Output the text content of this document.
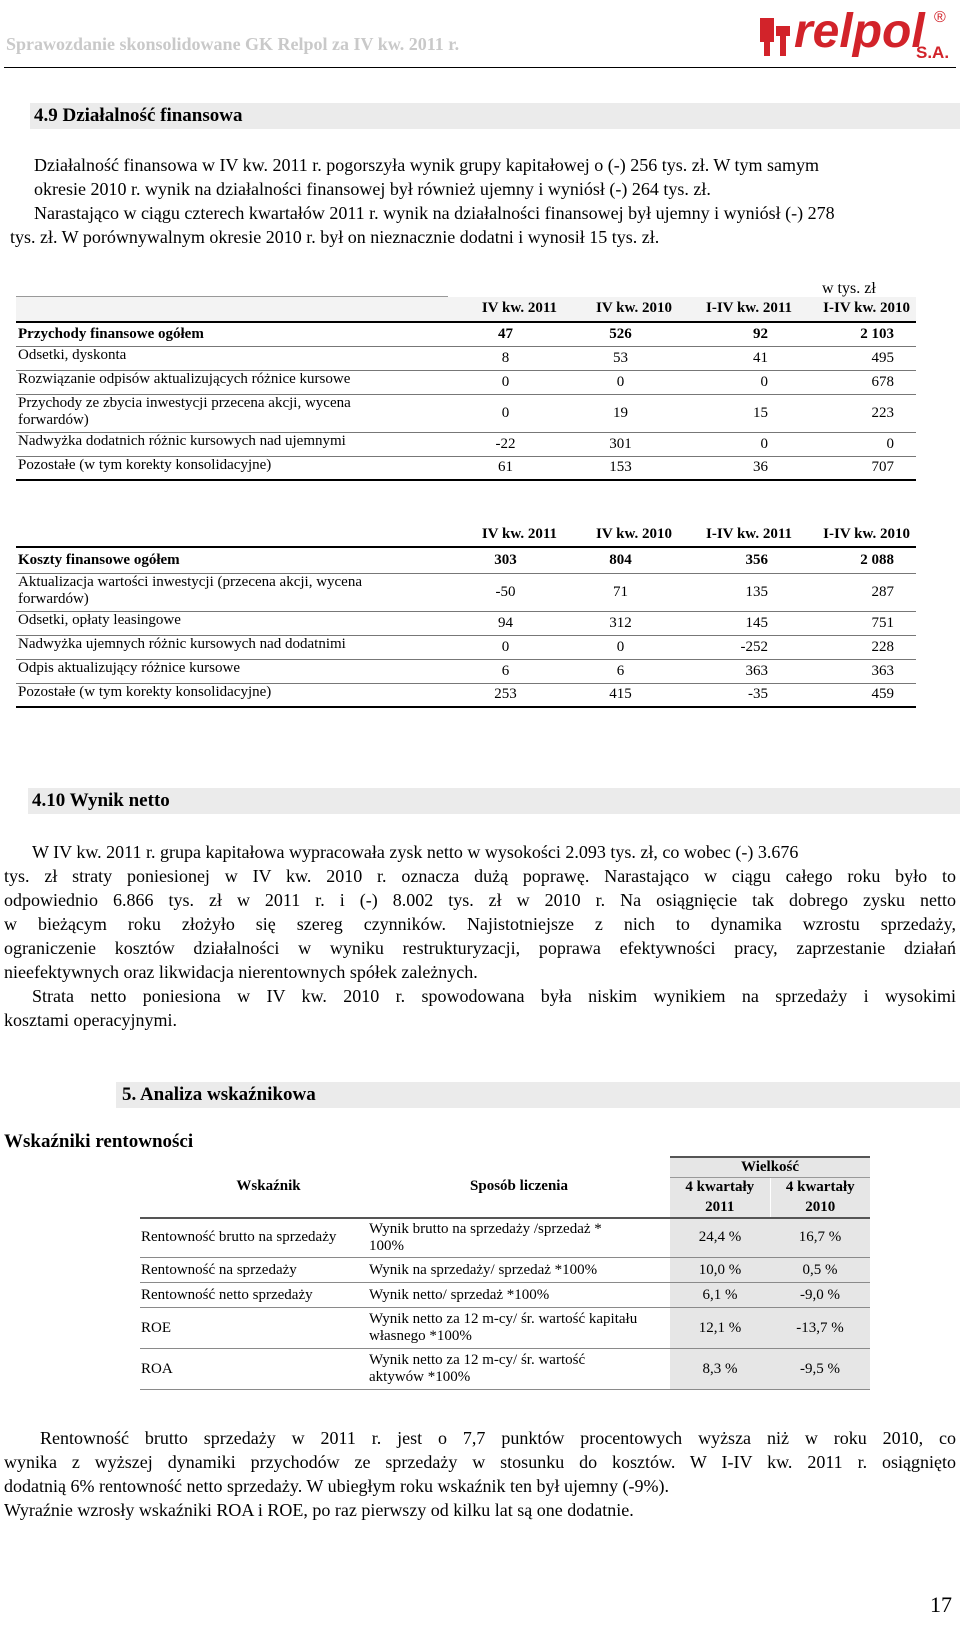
Sprawozdanie skonsolidowane GK Relpol za IV kw. 2011 r.	relpol ®
S.A.
4.9 Działalność finansowa
Działalność finansowa w IV kw. 2011 r. pogorszyła wynik grupy kapitałowej o (-) 256 tys. zł. W tym samym
okresie 2010 r. wynik na działalności finansowej był również ujemny i wyniósł (-) 264 tys. zł.
Narastająco w ciągu czterech kwartałów 2011 r. wynik na działalności finansowej był ujemny i wyniósł (-) 278
tys. zł. W porównywalnym okresie 2010 r. był on nieznacznie dodatni i wynosił 15 tys. zł.
w tys. zł
	IV kw. 2011	IV kw. 2010	I-IV kw. 2011	I-IV kw. 2010
Przychody finansowe ogółem	47	526	92	2 103
Odsetki, dyskonta	8	53	41	495
Rozwiązanie odpisów aktualizujących różnice kursowe	0	0	0	678

Przychody ze zbycia inwestycji przecena akcji, wycena
forwardów)	0	19	15	223
Nadwyżka dodatnich różnic kursowych nad ujemnymi	-22	301	0	0
Pozostałe (w tym korekty konsolidacyjne)	61	153	36	707
	IV kw. 2011	IV kw. 2010	I-IV kw. 2011	I-IV kw. 2010
Koszty finansowe ogółem	303	804	356	2 088

Aktualizacja wartości inwestycji (przecena akcji, wycena
forwardów)	-50	71	135	287
Odsetki, opłaty leasingowe	94	312	145	751
Nadwyżka ujemnych różnic kursowych nad dodatnimi	0	0	-252	228
Odpis aktualizujący różnice kursowe	6	6	363	363
Pozostałe (w tym korekty konsolidacyjne)	253	415	-35	459
4.10 Wynik netto
W IV kw. 2011 r. grupa kapitałowa wypracowała zysk netto w wysokości 2.093 tys. zł, co wobec (-) 3.676
tys. zł straty poniesionej w IV kw. 2010 r. oznacza dużą poprawę. Narastająco w ciągu całego roku było to
odpowiednio 6.866 tys. zł w 2011 r. i (-) 8.002 tys. zł w 2010 r. Na osiągnięcie tak dobrego zysku netto
w bieżącym roku złożyło się szereg czynników. Najistotniejsze z nich to dynamika wzrostu sprzedaży,
ograniczenie kosztów działalności w wyniku restrukturyzacji, poprawa efektywności pracy, zaprzestanie działań
nieefektywnych oraz likwidacja nierentownych spółek zależnych.
Strata netto poniesiona w IV kw. 2010 r. spowodowana była niskim wynikiem na sprzedaży i wysokimi
kosztami operacyjnymi.
5. Analiza wskaźnikowa
Wskaźniki rentowności
Wskaźnik	Sposób liczenia	Wielkość	
		4 kwartały	4 kwartały
		2011	2010
Rentowność brutto na sprzedaży	Wynik brutto na sprzedaży /sprzedaż *
100%	24,4 %	16,7 %
Rentowność na sprzedaży	Wynik na sprzedaży/ sprzedaż *100%	10,0 %	0,5 %
Rentowność netto sprzedaży	Wynik netto/ sprzedaż *100%	6,1 %	-9,0 %
ROE	Wynik netto za 12 m-cy/ śr. wartość kapitału
własnego *100%	12,1 %	-13,7 %
ROA	Wynik netto za 12 m-cy/ śr. wartość
aktywów *100%	8,3 %	-9,5 %
Rentowność brutto sprzedaży w 2011 r. jest o 7,7 punktów procentowych wyższa niż w roku 2010, co
wynika z wyższej dynamiki przychodów ze sprzedaży w stosunku do kosztów. W I-IV kw. 2011 r. osiągnięto
dodatnią 6% rentowność netto sprzedaży. W ubiegłym roku wskaźnik ten był ujemny (-9%).
Wyraźnie wzrosły wskaźniki ROA i ROE, po raz pierwszy od kilku lat są one dodatnie.
17
